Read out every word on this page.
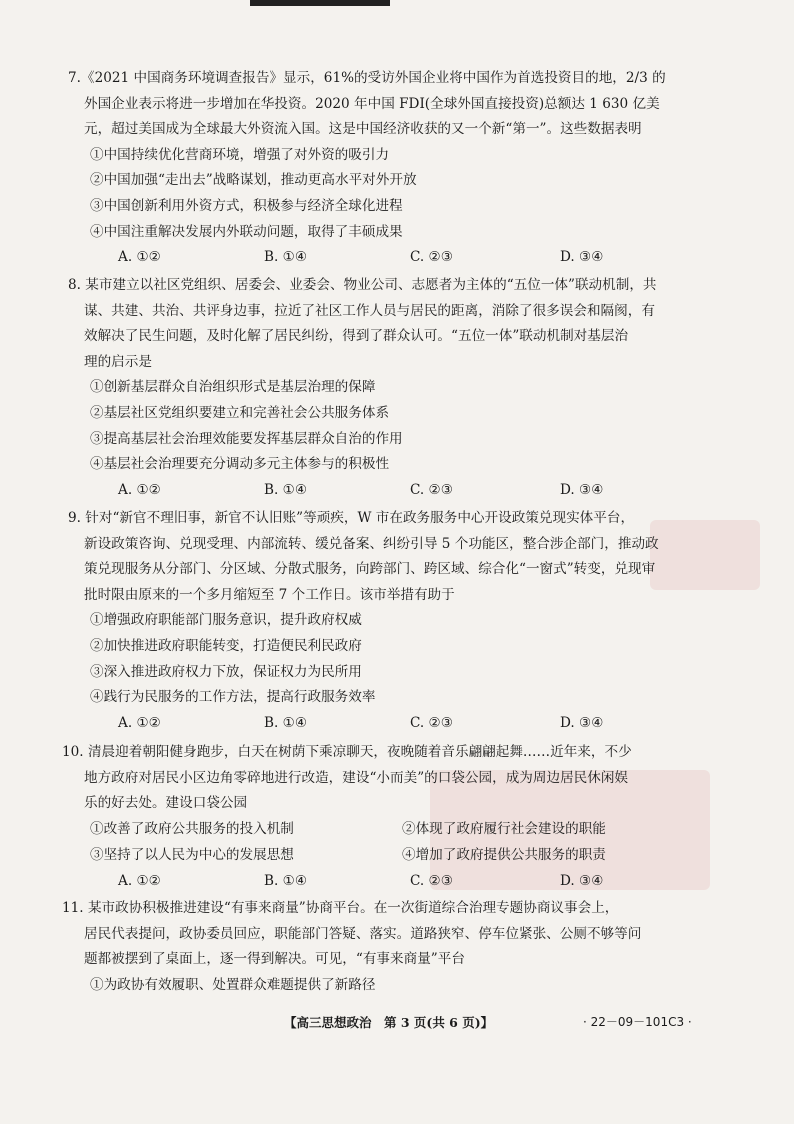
7.《2021 中国商务环境调查报告》显示，61%的受访外国企业将中国作为首选投资目的地，2/3 的
外国企业表示将进一步增加在华投资。2020 年中国 FDI(全球外国直接投资)总额达 1 630 亿美
元，超过美国成为全球最大外资流入国。这是中国经济收获的又一个新“第一”。这些数据表明
①中国持续优化营商环境，增强了对外资的吸引力
②中国加强“走出去”战略谋划，推动更高水平对外开放
③中国创新利用外资方式，积极参与经济全球化进程
④中国注重解决发展内外联动问题，取得了丰硕成果
A. ①②	B. ①④	C. ②③	D. ③④
8. 某市建立以社区党组织、居委会、业委会、物业公司、志愿者为主体的“五位一体”联动机制，共
谋、共建、共治、共评身边事，拉近了社区工作人员与居民的距离，消除了很多误会和隔阂，有
效解决了民生问题，及时化解了居民纠纷，得到了群众认可。“五位一体”联动机制对基层治
理的启示是
①创新基层群众自治组织形式是基层治理的保障
②基层社区党组织要建立和完善社会公共服务体系
③提高基层社会治理效能要发挥基层群众自治的作用
④基层社会治理要充分调动多元主体参与的积极性
A. ①②	B. ①④	C. ②③	D. ③④
9. 针对“新官不理旧事，新官不认旧账”等顽疾，W 市在政务服务中心开设政策兑现实体平台，
新设政策咨询、兑现受理、内部流转、缓兑备案、纠纷引导 5 个功能区，整合涉企部门，推动政
策兑现服务从分部门、分区域、分散式服务，向跨部门、跨区域、综合化“一窗式”转变，兑现审
批时限由原来的一个多月缩短至 7 个工作日。该市举措有助于
①增强政府职能部门服务意识，提升政府权威
②加快推进政府职能转变，打造便民利民政府
③深入推进政府权力下放，保证权力为民所用
④践行为民服务的工作方法，提高行政服务效率
A. ①②	B. ①④	C. ②③	D. ③④
10. 清晨迎着朝阳健身跑步，白天在树荫下乘凉聊天，夜晚随着音乐翩翩起舞……近年来，不少
地方政府对居民小区边角零碎地进行改造，建设“小而美”的口袋公园，成为周边居民休闲娱
乐的好去处。建设口袋公园
①改善了政府公共服务的投入机制	②体现了政府履行社会建设的职能
③坚持了以人民为中心的发展思想	④增加了政府提供公共服务的职责
A. ①②	B. ①④	C. ②③	D. ③④
11. 某市政协积极推进建设“有事来商量”协商平台。在一次街道综合治理专题协商议事会上，
居民代表提问，政协委员回应，职能部门答疑、落实。道路狭窄、停车位紧张、公厕不够等问
题都被摆到了桌面上，逐一得到解决。可见，“有事来商量”平台
①为政协有效履职、处置群众难题提供了新路径
【高三思想政治　第 3 页(共 6 页)】	· 22－09－101C3 ·
